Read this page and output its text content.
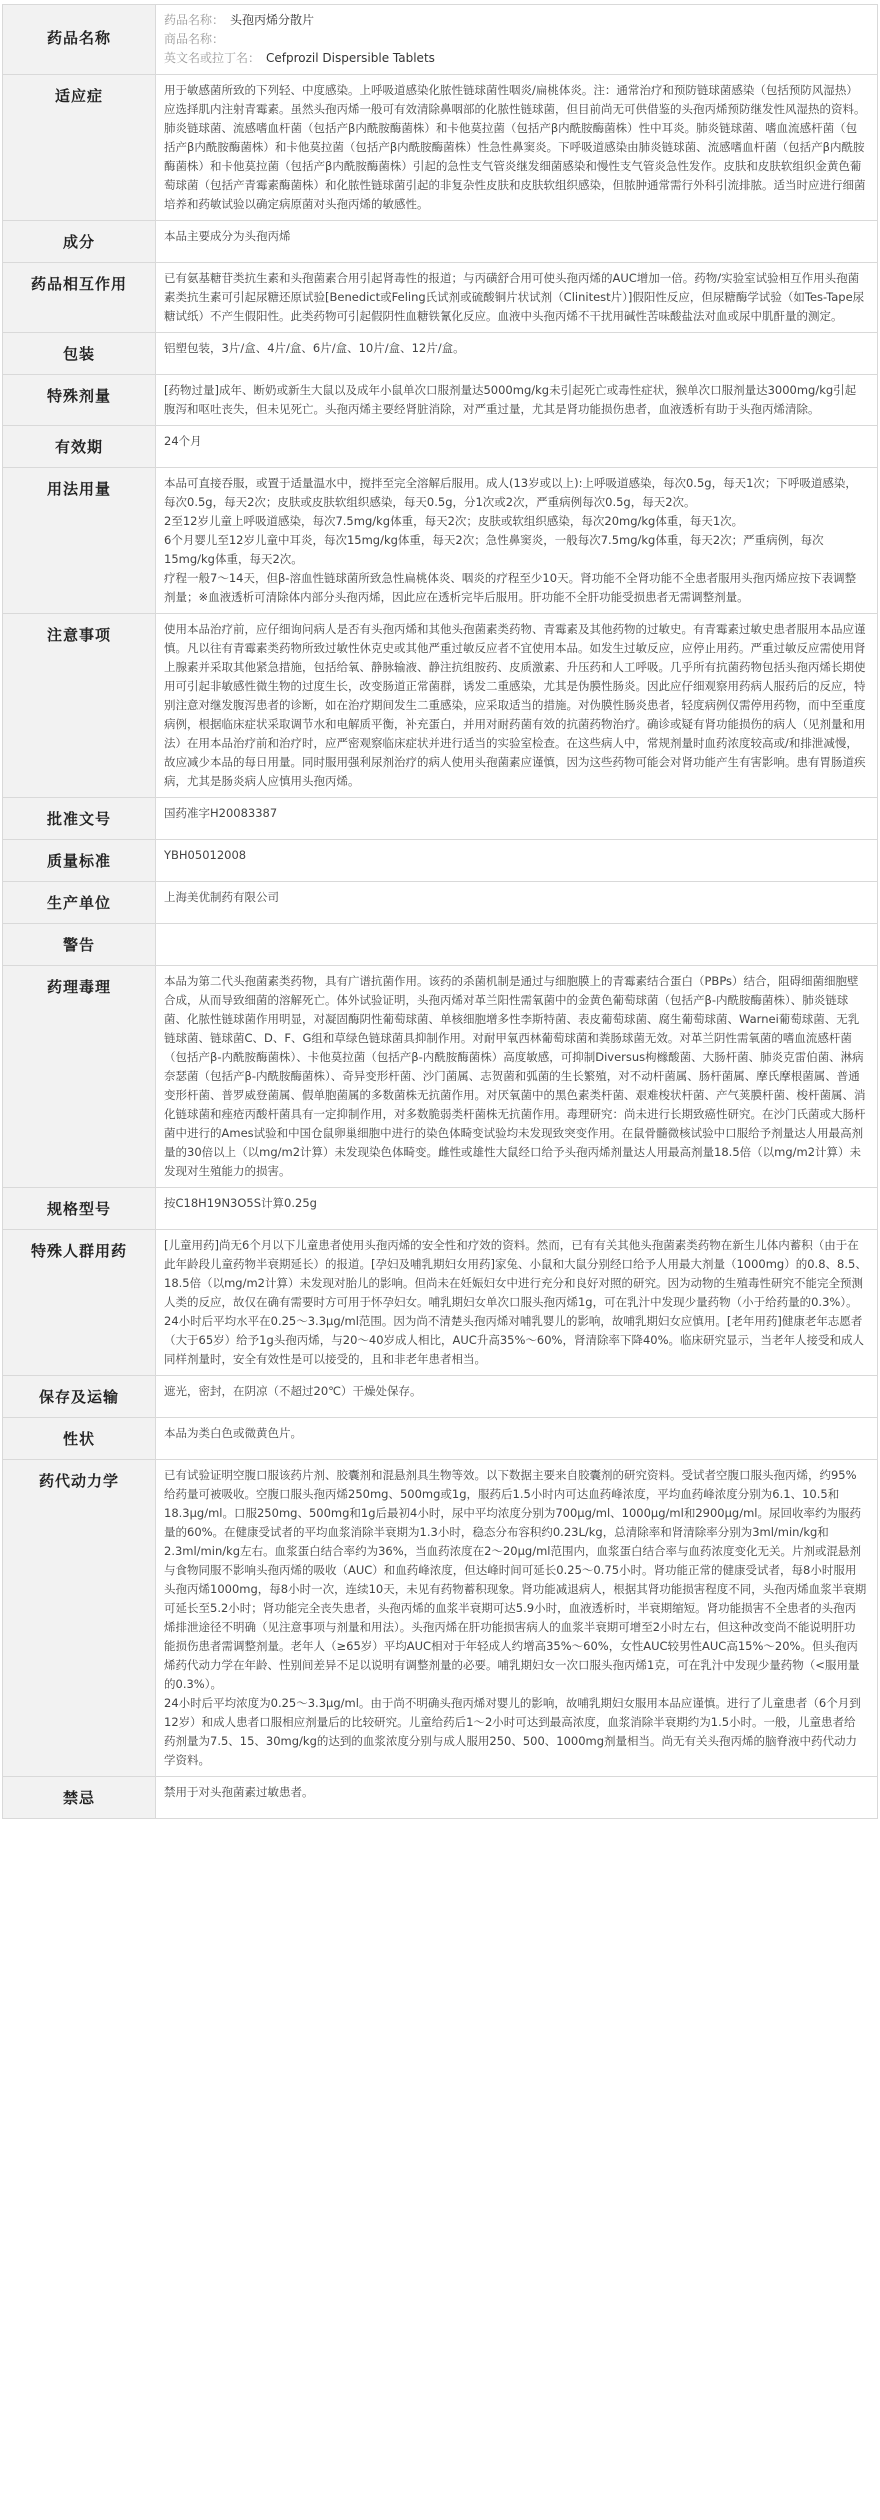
药品名称	药品名称： 头孢丙烯分散片
商品名称：
英文名或拉丁名： Cefprozil Dispersible Tablets

适应症	用于敏感菌所致的下列轻、中度感染。上呼吸道感染化脓性链球菌性咽炎/扁桃体炎。注：通常治疗和预防链球菌感染（包括预防风湿热）应选择肌内注射青霉素。虽然头孢丙烯一般可有效清除鼻咽部的化脓性链球菌，但目前尚无可供借鉴的头孢丙烯预防继发性风湿热的资料。肺炎链球菌、流感嗜血杆菌（包括产β内酰胺酶菌株）和卡他莫拉菌（包括产β内酰胺酶菌株）性中耳炎。肺炎链球菌、嗜血流感杆菌（包括产β内酰胺酶菌株）和卡他莫拉菌（包括产β内酰胺酶菌株）性急性鼻窦炎。下呼吸道感染由肺炎链球菌、流感嗜血杆菌（包括产β内酰胺酶菌株）和卡他莫拉菌（包括产β内酰胺酶菌株）引起的急性支气管炎继发细菌感染和慢性支气管炎急性发作。皮肤和皮肤软组织金黄色葡萄球菌（包括产青霉素酶菌株）和化脓性链球菌引起的非复杂性皮肤和皮肤软组织感染，但脓肿通常需行外科引流排脓。适当时应进行细菌培养和药敏试验以确定病原菌对头孢丙烯的敏感性。
成分	本品主要成分为头孢丙烯
药品相互作用	已有氨基糖苷类抗生素和头孢菌素合用引起肾毒性的报道；与丙磺舒合用可使头孢丙烯的AUC增加一倍。药物/实验室试验相互作用头孢菌素类抗生素可引起尿糖还原试验[Benedict或Feling氏试剂或硫酸铜片状试剂（Clinitest片）]假阳性反应，但尿糖酶学试验（如Tes-Tape尿糖试纸）不产生假阳性。此类药物可引起假阴性血糖铁氰化反应。血液中头孢丙烯不干扰用碱性苦味酸盐法对血或尿中肌酐量的测定。
包装	铝塑包装，3片/盒、4片/盒、6片/盒、10片/盒、12片/盒。
特殊剂量	[药物过量]成年、断奶或新生大鼠以及成年小鼠单次口服剂量达5000mg/kg未引起死亡或毒性症状，猴单次口服剂量达3000mg/kg引起腹泻和呕吐丧失，但未见死亡。头孢丙烯主要经肾脏消除，对严重过量，尤其是肾功能损伤患者，血液透析有助于头孢丙烯清除。
有效期	24个月
用法用量	本品可直接吞服，或置于适量温水中，搅拌至完全溶解后服用。成人(13岁或以上):上呼吸道感染，每次0.5g，每天1次；下呼吸道感染，每次0.5g，每天2次；皮肤或皮肤软组织感染，每天0.5g，分1次或2次，严重病例每次0.5g，每天2次。

2至12岁儿童上呼吸道感染，每次7.5mg/kg体重，每天2次；皮肤或软组织感染，每次20mg/kg体重，每天1次。

6个月婴儿至12岁儿童中耳炎，每次15mg/kg体重，每天2次；急性鼻窦炎，一般每次7.5mg/kg体重，每天2次；严重病例，每次15mg/kg体重，每天2次。

疗程一般7～14天，但β-溶血性链球菌所致急性扁桃体炎、咽炎的疗程至少10天。肾功能不全肾功能不全患者服用头孢丙烯应按下表调整剂量；※血液透析可清除体内部分头孢丙烯，因此应在透析完毕后服用。肝功能不全肝功能受损患者无需调整剂量。

注意事项	使用本品治疗前，应仔细询问病人是否有头孢丙烯和其他头孢菌素类药物、青霉素及其他药物的过敏史。有青霉素过敏史患者服用本品应谨慎。凡以往有青霉素类药物所致过敏性休克史或其他严重过敏反应者不宜使用本品。如发生过敏反应，应停止用药。严重过敏反应需使用肾上腺素并采取其他紧急措施，包括给氧、静脉输液、静注抗组胺药、皮质激素、升压药和人工呼吸。几乎所有抗菌药物包括头孢丙烯长期使用可引起非敏感性微生物的过度生长，改变肠道正常菌群，诱发二重感染，尤其是伪膜性肠炎。因此应仔细观察用药病人服药后的反应，特别注意对继发腹泻患者的诊断，如在治疗期间发生二重感染，应采取适当的措施。对伪膜性肠炎患者，轻度病例仅需停用药物，而中至重度病例，根据临床症状采取调节水和电解质平衡，补充蛋白，并用对耐药菌有效的抗菌药物治疗。确诊或疑有肾功能损伤的病人（见剂量和用法）在用本品治疗前和治疗时，应严密观察临床症状并进行适当的实验室检查。在这些病人中，常规剂量时血药浓度较高或/和排泄减慢，故应减少本品的每日用量。同时服用强利尿剂治疗的病人使用头孢菌素应谨慎，因为这些药物可能会对肾功能产生有害影响。患有胃肠道疾病，尤其是肠炎病人应慎用头孢丙烯。
批准文号	国药准字H20083387
质量标准	YBH05012008
生产单位	上海美优制药有限公司
警告	
药理毒理	本品为第二代头孢菌素类药物，具有广谱抗菌作用。该药的杀菌机制是通过与细胞膜上的青霉素结合蛋白（PBPs）结合，阻碍细菌细胞壁合成，从而导致细菌的溶解死亡。体外试验证明，头孢丙烯对革兰阳性需氧菌中的金黄色葡萄球菌（包括产β-内酰胺酶菌株）、肺炎链球菌、化脓性链球菌作用明显，对凝固酶阴性葡萄球菌、单核细胞增多性李斯特菌、表皮葡萄球菌、腐生葡萄球菌、Warnei葡萄球菌、无乳链球菌、链球菌C、D、F、G组和草绿色链球菌具抑制作用。对耐甲氧西林葡萄球菌和粪肠球菌无效。对革兰阴性需氧菌的嗜血流感杆菌（包括产β-内酰胺酶菌株）、卡他莫拉菌（包括产β-内酰胺酶菌株）高度敏感，可抑制Diversus枸橼酸菌、大肠杆菌、肺炎克雷伯菌、淋病奈瑟菌（包括产β-内酰胺酶菌株）、奇异变形杆菌、沙门菌属、志贺菌和弧菌的生长繁殖，对不动杆菌属、肠杆菌属、摩氏摩根菌属、普通变形杆菌、普罗威登菌属、假单胞菌属的多数菌株无抗菌作用。对厌氧菌中的黑色素类杆菌、艰难梭状杆菌、产气荚膜杆菌、梭杆菌属、消化链球菌和痤疮丙酸杆菌具有一定抑制作用，对多数脆弱类杆菌株无抗菌作用。毒理研究：尚未进行长期致癌性研究。在沙门氏菌或大肠杆菌中进行的Ames试验和中国仓鼠卵巢细胞中进行的染色体畸变试验均未发现致突变作用。在鼠骨髓微核试验中口服给予剂量达人用最高剂量的30倍以上（以mg/m2计算）未发现染色体畸变。雌性或雄性大鼠经口给予头孢丙烯剂量达人用最高剂量18.5倍（以mg/m2计算）未发现对生殖能力的损害。
规格型号	按C18H19N3O5S计算0.25g
特殊人群用药	[儿童用药]尚无6个月以下儿童患者使用头孢丙烯的安全性和疗效的资料。然而，已有有关其他头孢菌素类药物在新生儿体内蓄积（由于在此年龄段儿童药物半衰期延长）的报道。[孕妇及哺乳期妇女用药]家兔、小鼠和大鼠分别经口给予人用最大剂量（1000mg）的0.8、8.5、18.5倍（以mg/m2计算）未发现对胎儿的影响。但尚未在妊娠妇女中进行充分和良好对照的研究。因为动物的生殖毒性研究不能完全预测人类的反应，故仅在确有需要时方可用于怀孕妇女。哺乳期妇女单次口服头孢丙烯1g，可在乳汁中发现少量药物（小于给药量的0.3%）。

24小时后平均水平在0.25～3.3μg/ml范围。因为尚不清楚头孢丙烯对哺乳婴儿的影响，故哺乳期妇女应慎用。[老年用药]健康老年志愿者（大于65岁）给予1g头孢丙烯，与20～40岁成人相比，AUC升高35%～60%，肾清除率下降40%。临床研究显示，当老年人接受和成人同样剂量时，安全有效性是可以接受的，且和非老年患者相当。

保存及运输	遮光，密封，在阴凉（不超过20℃）干燥处保存。
性状	本品为类白色或微黄色片。
药代动力学	已有试验证明空腹口服该药片剂、胶囊剂和混悬剂具生物等效。以下数据主要来自胶囊剂的研究资料。受试者空腹口服头孢丙烯，约95%给药量可被吸收。空腹口服头孢丙烯250mg、500mg或1g，服药后1.5小时内可达血药峰浓度，平均血药峰浓度分别为6.1、10.5和18.3μg/ml。口服250mg、500mg和1g后最初4小时，尿中平均浓度分别为700μg/ml、1000μg/ml和2900μg/ml。尿回收率约为服药量的60%。在健康受试者的平均血浆消除半衰期为1.3小时，稳态分布容积约0.23L/kg，总清除率和肾清除率分别为3ml/min/kg和2.3ml/min/kg左右。血浆蛋白结合率约为36%，当血药浓度在2～20μg/ml范围内，血浆蛋白结合率与血药浓度变化无关。片剂或混悬剂与食物同服不影响头孢丙烯的吸收（AUC）和血药峰浓度，但达峰时间可延长0.25～0.75小时。肾功能正常的健康受试者，每8小时服用头孢丙烯1000mg，每8小时一次，连续10天，未见有药物蓄积现象。肾功能减退病人，根据其肾功能损害程度不同，头孢丙烯血浆半衰期可延长至5.2小时；肾功能完全丧失患者，头孢丙烯的血浆半衰期可达5.9小时，血液透析时，半衰期缩短。肾功能损害不全患者的头孢丙烯排泄途径不明确（见注意事项与剂量和用法）。头孢丙烯在肝功能损害病人的血浆半衰期可增至2小时左右，但这种改变尚不能说明肝功能损伤患者需调整剂量。老年人（≥65岁）平均AUC相对于年轻成人约增高35%～60%，女性AUC较男性AUC高15%～20%。但头孢丙烯药代动力学在年龄、性别间差异不足以说明有调整剂量的必要。哺乳期妇女一次口服头孢丙烯1克，可在乳汁中发现少量药物（<服用量的0.3%）。

24小时后平均浓度为0.25～3.3μg/ml。由于尚不明确头孢丙烯对婴儿的影响，故哺乳期妇女服用本品应谨慎。进行了儿童患者（6个月到12岁）和成人患者口服相应剂量后的比较研究。儿童给药后1～2小时可达到最高浓度，血浆消除半衰期约为1.5小时。一般，儿童患者给药剂量为7.5、15、30mg/kg的达到的血浆浓度分别与成人服用250、500、1000mg剂量相当。尚无有关头孢丙烯的脑脊液中药代动力学资料。

禁忌	禁用于对头孢菌素过敏患者。
